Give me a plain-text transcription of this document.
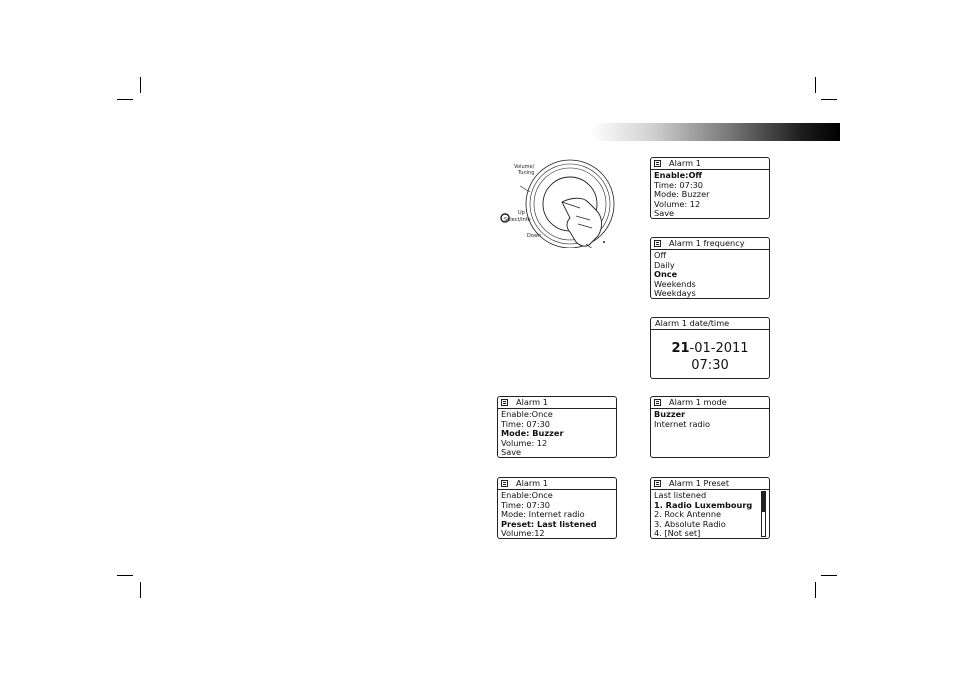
Volume/
Tuning
Up
Select/Info
Down
Alarm 1
Enable:Off
Time: 07:30
Mode: Buzzer
Volume: 12
Save
Alarm 1 frequency
Off
Daily
Once
Weekends
Weekdays
Alarm 1 date/time
21-01-2011
07:30
Alarm 1
Enable:Once
Time: 07:30
Mode: Buzzer
Volume: 12
Save
Alarm 1 mode
Buzzer
Internet radio
Alarm 1
Enable:Once
Time: 07:30
Mode: Internet radio
Preset: Last listened
Volume:12
Alarm 1 Preset
Last listened
1. Radio Luxembourg
2. Rock Antenne
3. Absolute Radio
4. [Not set]
